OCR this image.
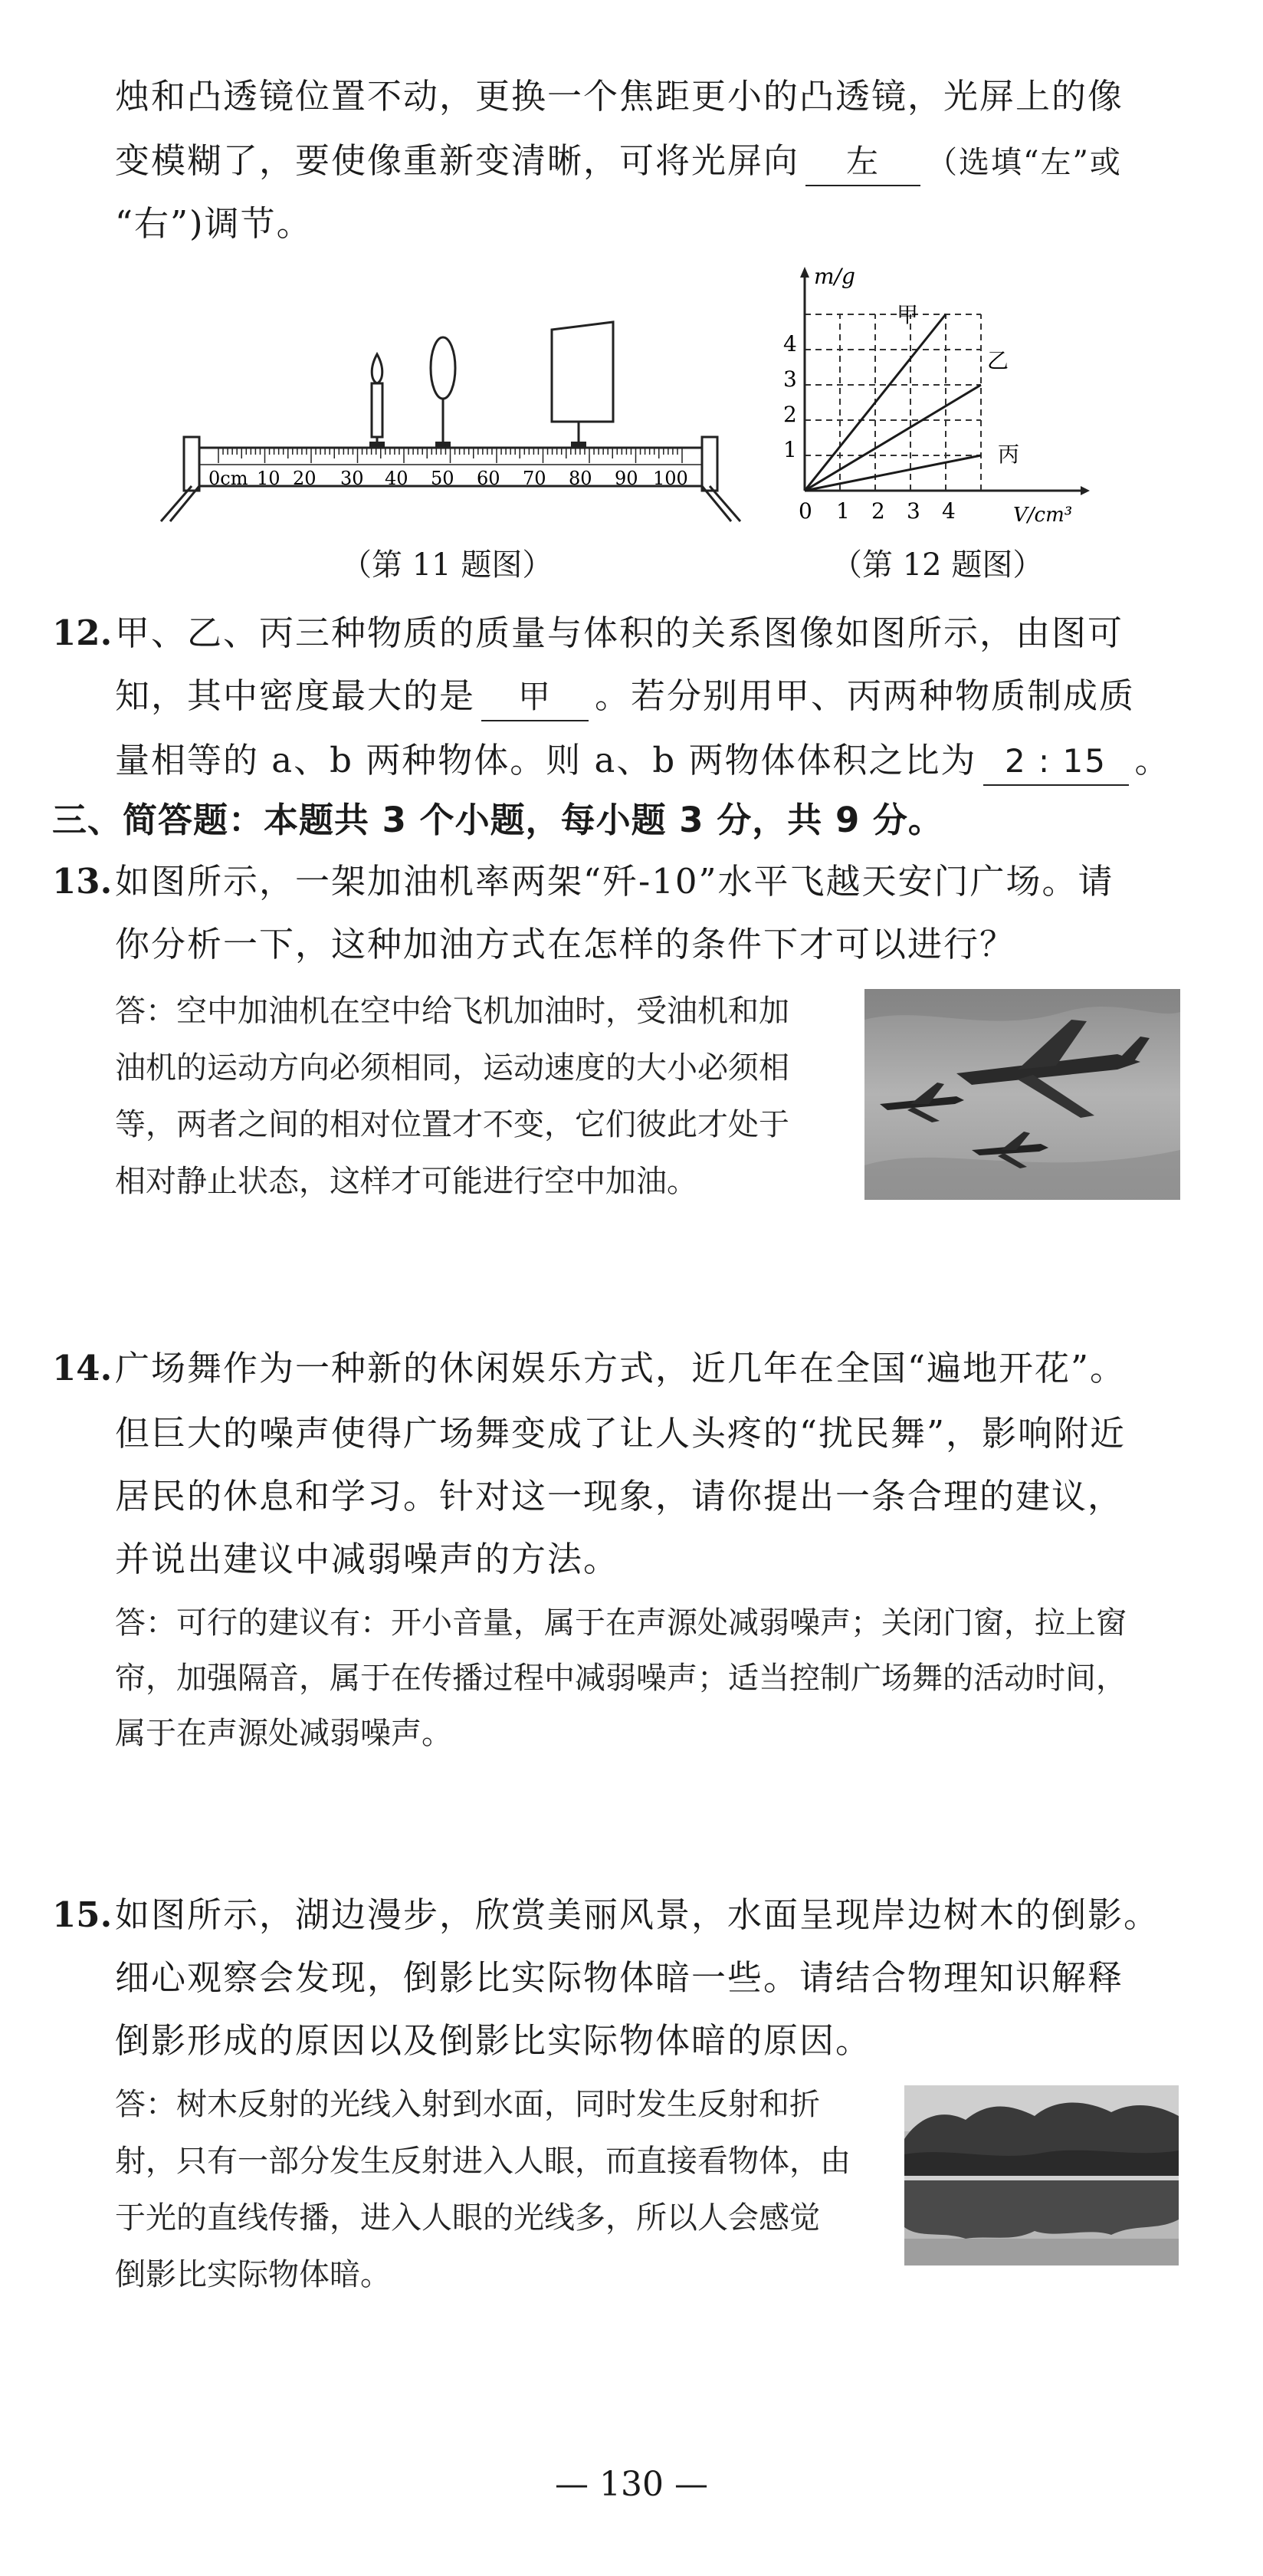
烛和凸透镜位置不动，更换一个焦距更小的凸透镜，光屏上的像
变模糊了，要使像重新变清晰，可将光屏向 左 （选填“左”或
“右”)调节。
0cm 10 20 30 40 50 60 70 80 90 100
（第 11 题图）
m/g
V/cm³
0 1 2 3 4
1
2
3
4
甲
乙
丙
（第 12 题图）
12. 甲、乙、丙三种物质的质量与体积的关系图像如图所示，由图可
知，其中密度最大的是 甲 。若分别用甲、丙两种物质制成质
量相等的 a、b 两种物体。则 a、b 两物体体积之比为 2 : 15 。
三、简答题：本题共 3 个小题，每小题 3 分，共 9 分。
13. 如图所示，一架加油机率两架“歼-10”水平飞越天安门广场。请
你分析一下，这种加油方式在怎样的条件下才可以进行？
答：空中加油机在空中给飞机加油时，受油机和加
油机的运动方向必须相同，运动速度的大小必须相
等，两者之间的相对位置才不变，它们彼此才处于
相对静止状态，这样才可能进行空中加油。
14. 广场舞作为一种新的休闲娱乐方式，近几年在全国“遍地开花”。
但巨大的噪声使得广场舞变成了让人头疼的“扰民舞”，影响附近
居民的休息和学习。针对这一现象，请你提出一条合理的建议，
并说出建议中减弱噪声的方法。
答：可行的建议有：开小音量，属于在声源处减弱噪声；关闭门窗，拉上窗
帘，加强隔音，属于在传播过程中减弱噪声；适当控制广场舞的活动时间，
属于在声源处减弱噪声。
15. 如图所示，湖边漫步，欣赏美丽风景，水面呈现岸边树木的倒影。
细心观察会发现，倒影比实际物体暗一些。请结合物理知识解释
倒影形成的原因以及倒影比实际物体暗的原因。
答：树木反射的光线入射到水面，同时发生反射和折
射，只有一部分发生反射进入人眼，而直接看物体，由
于光的直线传播，进入人眼的光线多，所以人会感觉
倒影比实际物体暗。
— 130 —
